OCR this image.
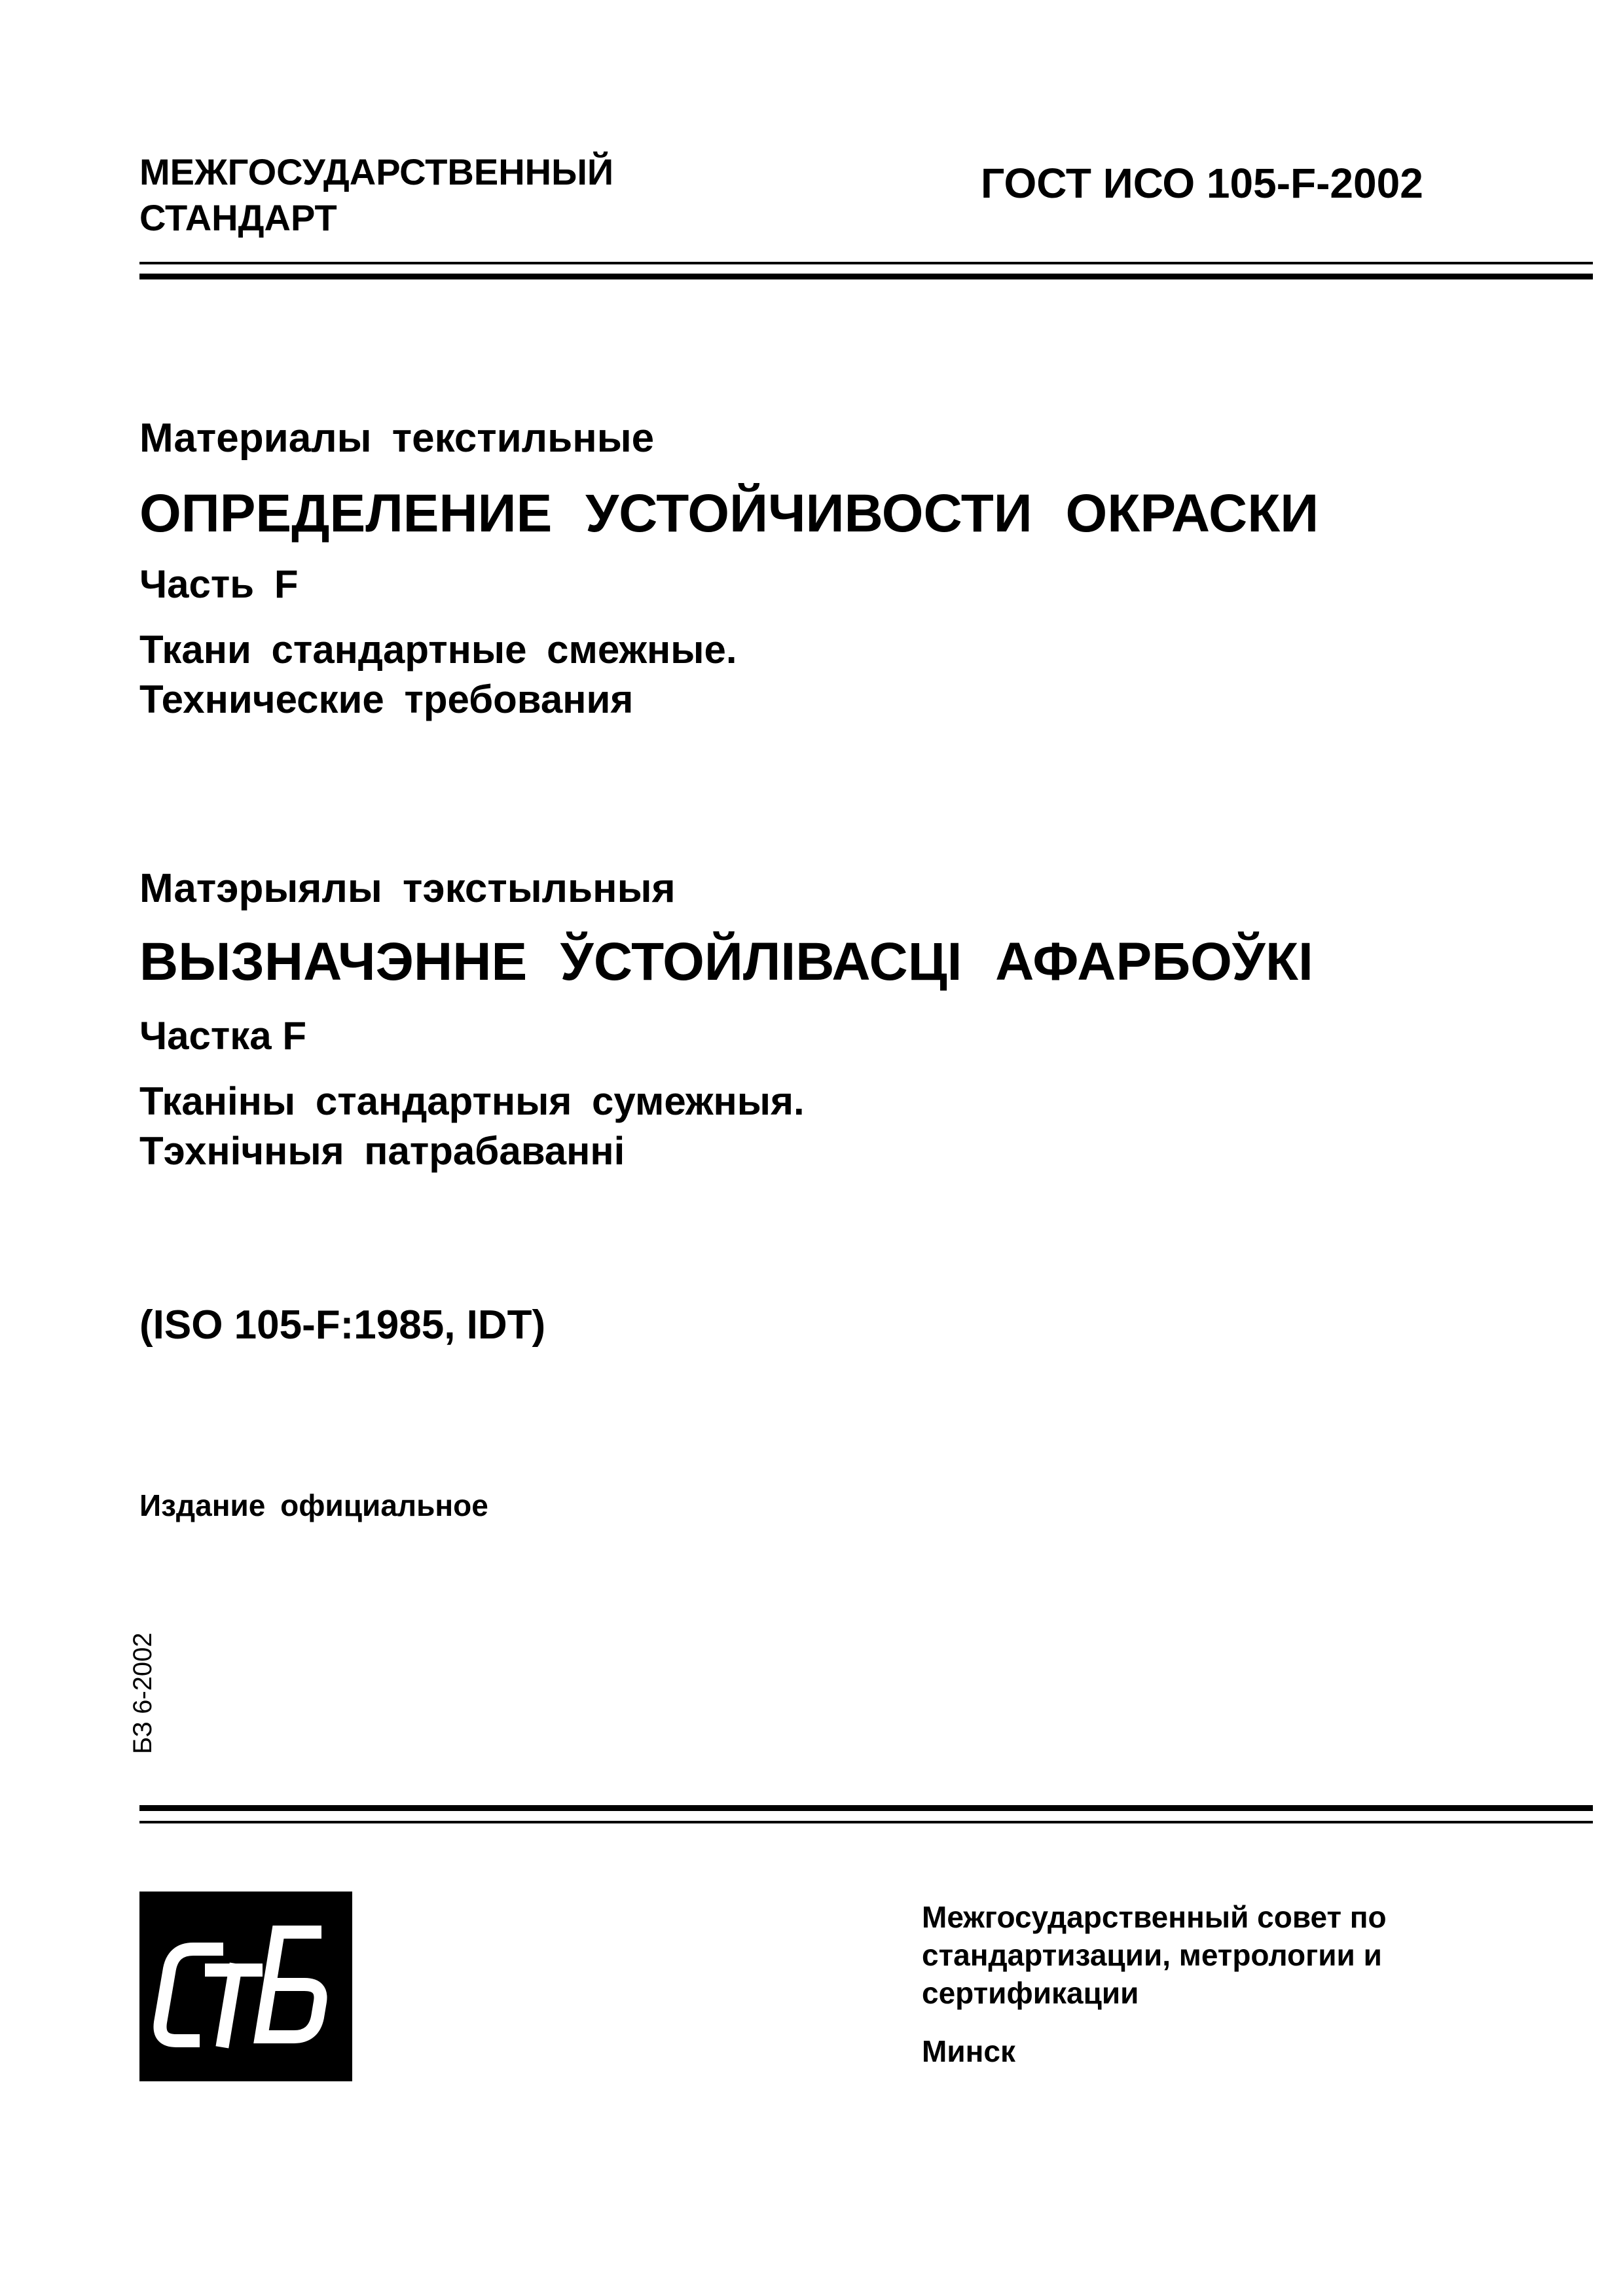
МЕЖГОСУДАРСТВЕННЫЙ
СТАНДАРТ
ГОСТ ИСО 105-F-2002
Материалы текстильные
ОПРЕДЕЛЕНИЕ УСТОЙЧИВОСТИ ОКРАСКИ
Часть F
Ткани стандартные смежные.
Технические требования
Матэрыялы тэкстыльныя
ВЫЗНАЧЭННЕ ЎСТОЙЛІВАСЦІ АФАРБОЎКІ
Частка F
Тканіны стандартныя сумежныя.
Тэхнічныя патрабаванні
(ISO 105-F:1985, IDT)
Издание официальное
БЗ 6-2002
Межгосударственный совет по
стандартизации, метрологии и
сертификации
Минск
